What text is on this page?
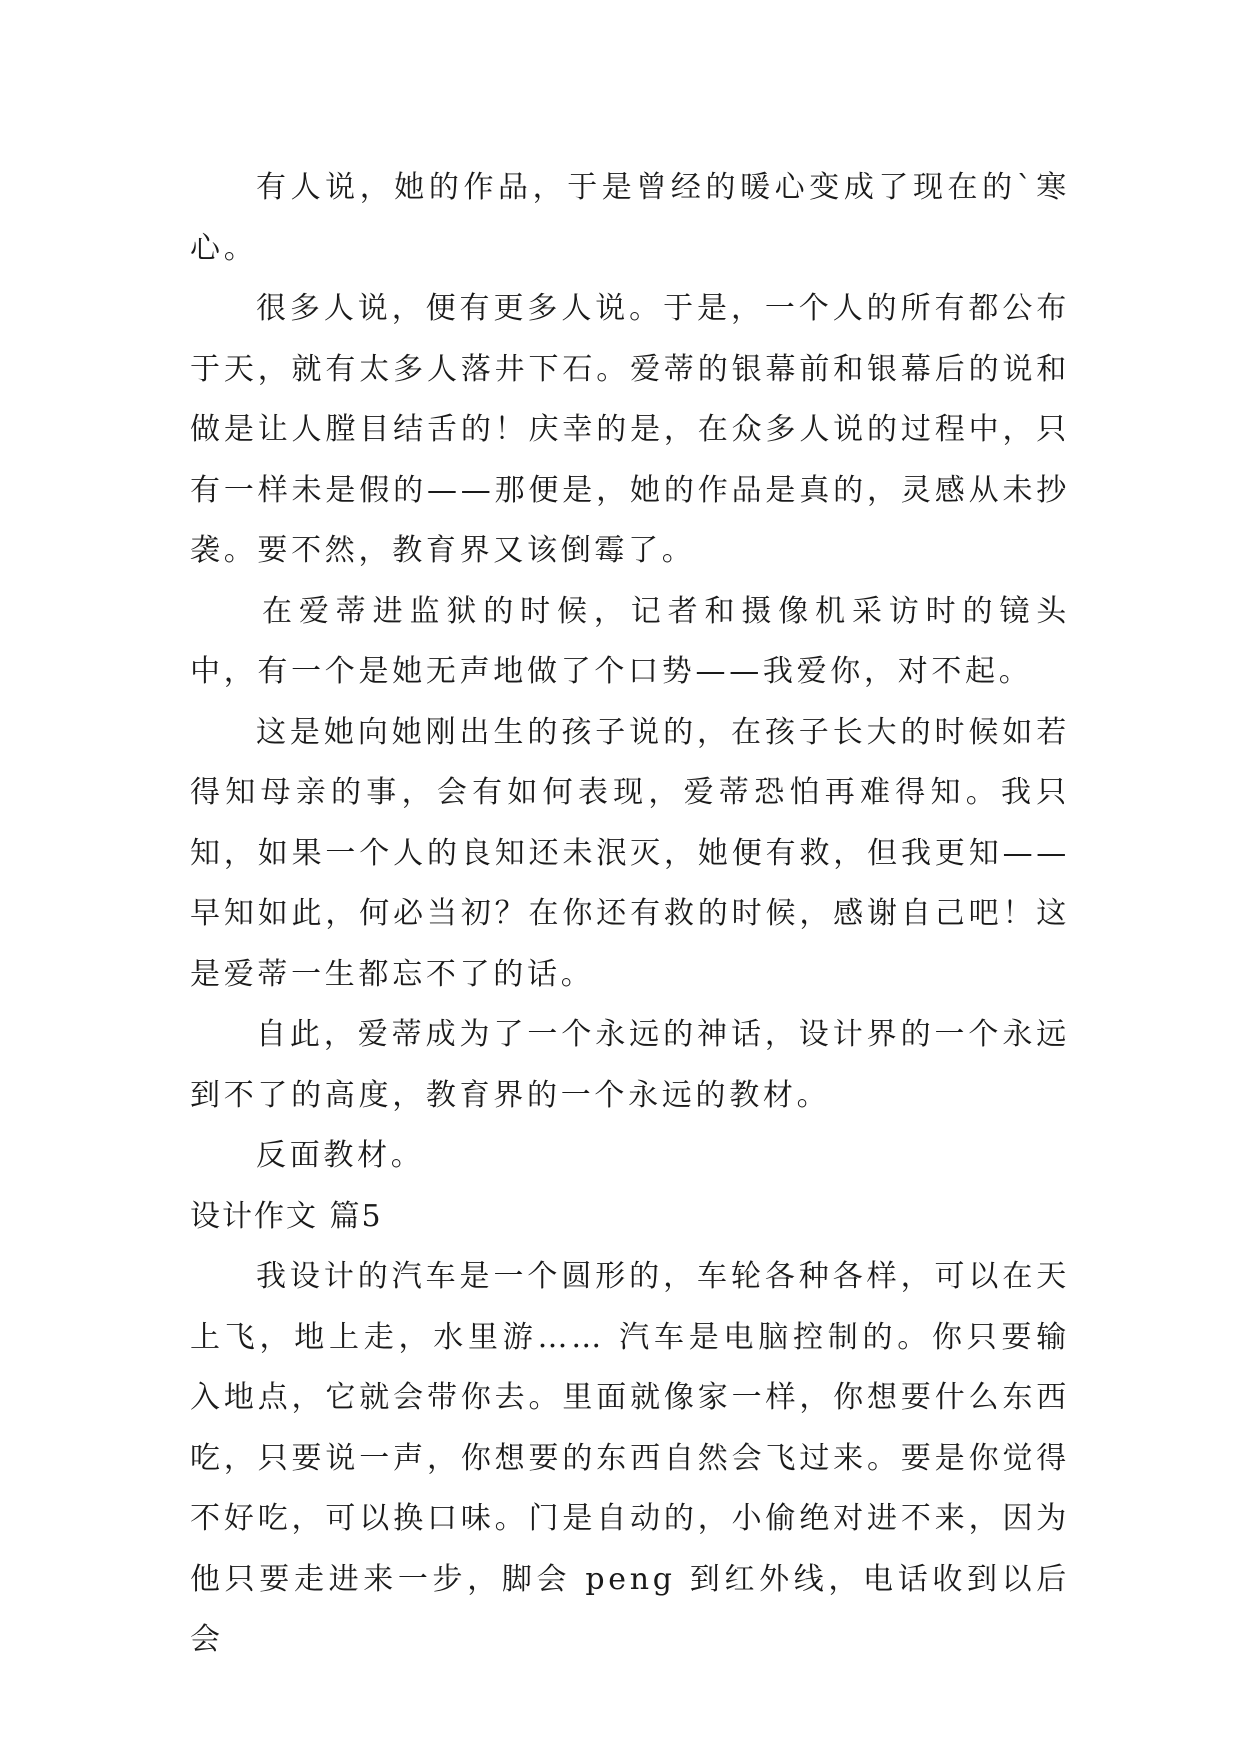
有人说，她的作品，于是曾经的暖心变成了现在的`寒心。

很多人说，便有更多人说。于是，一个人的所有都公布于天，就有太多人落井下石。爱蒂的银幕前和银幕后的说和做是让人膛目结舌的！庆幸的是，在众多人说的过程中，只有一样未是假的——那便是，她的作品是真的，灵感从未抄袭。要不然，教育界又该倒霉了。

在爱蒂进监狱的时候，记者和摄像机采访时的镜头中，有一个是她无声地做了个口势——我爱你，对不起。

这是她向她刚出生的孩子说的，在孩子长大的时候如若得知母亲的事，会有如何表现，爱蒂恐怕再难得知。我只知，如果一个人的良知还未泯灭，她便有救，但我更知——早知如此，何必当初？在你还有救的时候，感谢自己吧！这是爱蒂一生都忘不了的话。

自此，爱蒂成为了一个永远的神话，设计界的一个永远到不了的高度，教育界的一个永远的教材。

反面教材。

设计作文 篇5

我设计的汽车是一个圆形的，车轮各种各样，可以在天上飞，地上走，水里游…… 汽车是电脑控制的。你只要输入地点，它就会带你去。里面就像家一样，你想要什么东西吃，只要说一声，你想要的东西自然会飞过来。要是你觉得不好吃，可以换口味。门是自动的，小偷绝对进不来，因为他只要走进来一步，脚会 peng 到红外线，电话收到以后会
